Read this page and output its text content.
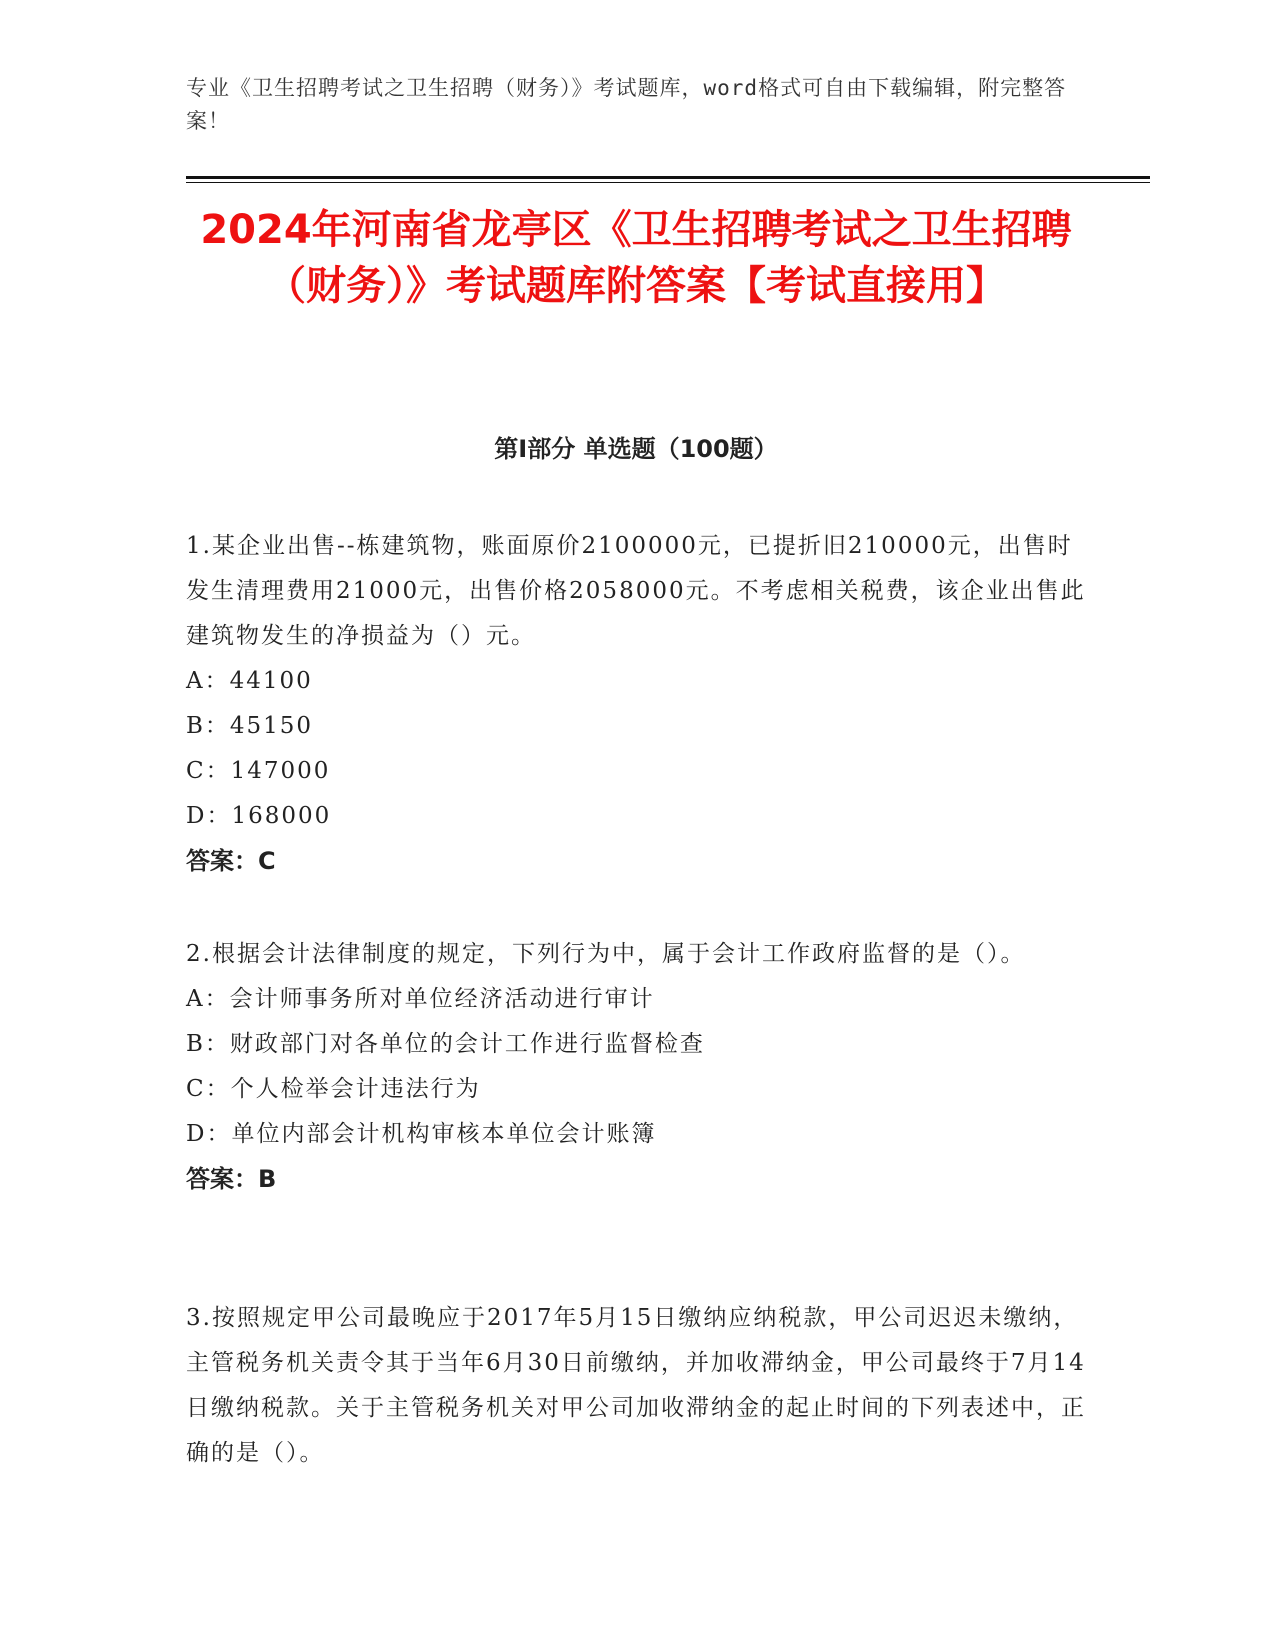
专业《卫生招聘考试之卫生招聘（财务）》考试题库，word格式可自由下载编辑，附完整答案！
2024年河南省龙亭区《卫生招聘考试之卫生招聘（财务）》考试题库附答案【考试直接用】
第I部分 单选题（100题）
1.某企业出售--栋建筑物，账面原价2100000元，已提折旧210000元，出售时发生清理费用21000元，出售价格2058000元。不考虑相关税费，该企业出售此建筑物发生的净损益为（）元。
A：44100
B：45150
C：147000
D：168000
答案：C
2.根据会计法律制度的规定，下列行为中，属于会计工作政府监督的是（）。
A：会计师事务所对单位经济活动进行审计
B：财政部门对各单位的会计工作进行监督检查
C：个人检举会计违法行为
D：单位内部会计机构审核本单位会计账簿
答案：B
3.按照规定甲公司最晚应于2017年5月15日缴纳应纳税款，甲公司迟迟未缴纳，主管税务机关责令其于当年6月30日前缴纳，并加收滞纳金，甲公司最终于7月14日缴纳税款。关于主管税务机关对甲公司加收滞纳金的起止时间的下列表述中，正确的是（）。
